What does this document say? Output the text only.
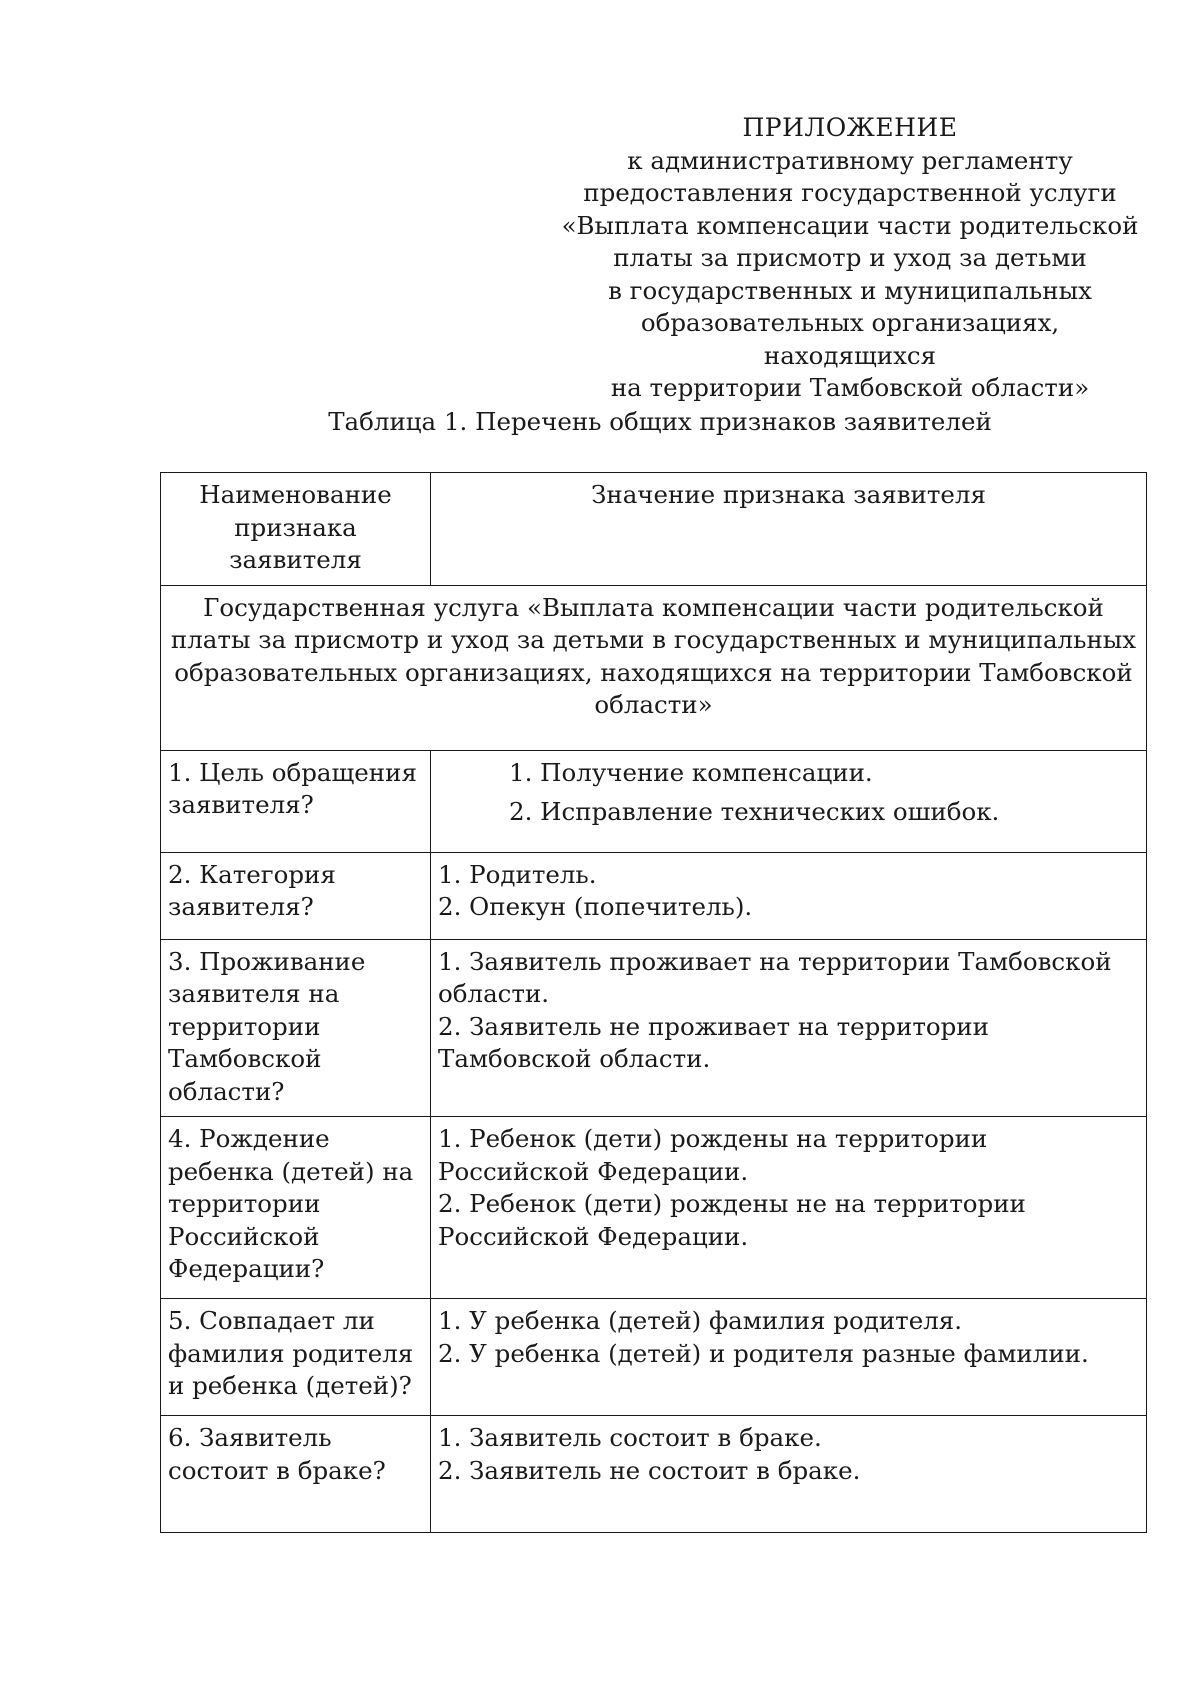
ПРИЛОЖЕНИЕ
к административному регламенту
предоставления государственной услуги
«Выплата компенсации части родительской
платы за присмотр и уход за детьми
в государственных и муниципальных
образовательных организациях, находящихся
на территории Тамбовской области»
Таблица 1. Перечень общих признаков заявителей
Наименование признака заявителя	Значение признака заявителя
Государственная услуга «Выплата компенсации части родительской платы за присмотр и уход за детьми в государственных и муниципальных образовательных организациях, находящихся на территории Тамбовской области»	
1. Цель обращения заявителя?	1. Получение компенсации.

2. Исправление технических ошибок.

2. Категория заявителя?	1. Родитель.

2. Опекун (попечитель).

3. Проживание заявителя на территории Тамбовской области?	1. Заявитель проживает на территории Тамбовской области.

2. Заявитель не проживает на территории Тамбовской области.

4. Рождение ребенка (детей) на территории Российской Федерации?	1. Ребенок (дети) рождены на территории Российской Федерации.

2. Ребенок (дети) рождены не на территории Российской Федерации.

5. Совпадает ли фамилия родителя и ребенка (детей)?	1. У ребенка (детей) фамилия родителя.

2. У ребенка (детей) и родителя разные фамилии.

6. Заявитель состоит в браке?	1. Заявитель состоит в браке.

2. Заявитель не состоит в браке.
